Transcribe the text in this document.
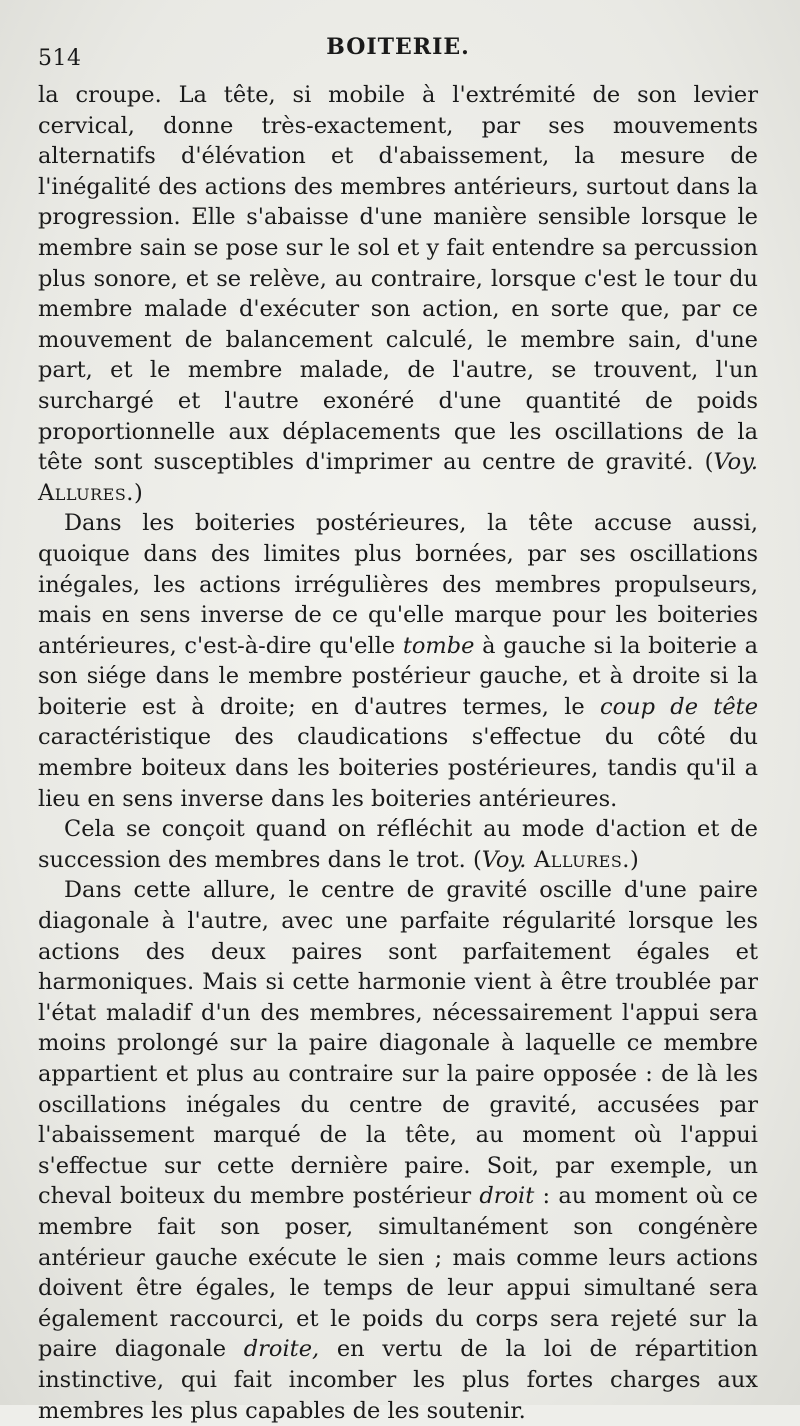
514	BOITERIE.

la croupe. La tête, si mobile à l'extrémité de son levier cervical, donne très-exactement, par ses mouvements alternatifs d'élévation et d'abaissement, la mesure de l'inégalité des actions des membres antérieurs, surtout dans la progression. Elle s'abaisse d'une manière sensible lorsque le membre sain se pose sur le sol et y fait entendre sa percussion plus sonore, et se relève, au contraire, lorsque c'est le tour du membre malade d'exécuter son action, en sorte que, par ce mouvement de balancement calculé, le membre sain, d'une part, et le membre malade, de l'autre, se trouvent, l'un surchargé et l'autre exonéré d'une quantité de poids proportionnelle aux déplacements que les oscillations de la tête sont susceptibles d'imprimer au centre de gravité. (Voy. Allures.)

Dans les boiteries postérieures, la tête accuse aussi, quoique dans des limites plus bornées, par ses oscillations inégales, les actions irrégulières des membres propulseurs, mais en sens inverse de ce qu'elle marque pour les boiteries antérieures, c'est-à-dire qu'elle tombe à gauche si la boiterie a son siége dans le membre postérieur gauche, et à droite si la boiterie est à droite; en d'autres termes, le coup de tête caractéristique des claudications s'effectue du côté du membre boiteux dans les boiteries postérieures, tandis qu'il a lieu en sens inverse dans les boiteries antérieures.

Cela se conçoit quand on réfléchit au mode d'action et de succession des membres dans le trot. (Voy. Allures.)

Dans cette allure, le centre de gravité oscille d'une paire diagonale à l'autre, avec une parfaite régularité lorsque les actions des deux paires sont parfaitement égales et harmoniques. Mais si cette harmonie vient à être troublée par l'état maladif d'un des membres, nécessairement l'appui sera moins prolongé sur la paire diagonale à laquelle ce membre appartient et plus au contraire sur la paire opposée : de là les oscillations inégales du centre de gravité, accusées par l'abaissement marqué de la tête, au moment où l'appui s'effectue sur cette dernière paire. Soit, par exemple, un cheval boiteux du membre postérieur droit : au moment où ce membre fait son poser, simultanément son congénère antérieur gauche exécute le sien ; mais comme leurs actions doivent être égales, le temps de leur appui simultané sera également raccourci, et le poids du corps sera rejeté sur la paire diagonale droite, en vertu de la loi de répartition instinctive, qui fait incomber les plus fortes charges aux membres les plus capables de les soutenir.
